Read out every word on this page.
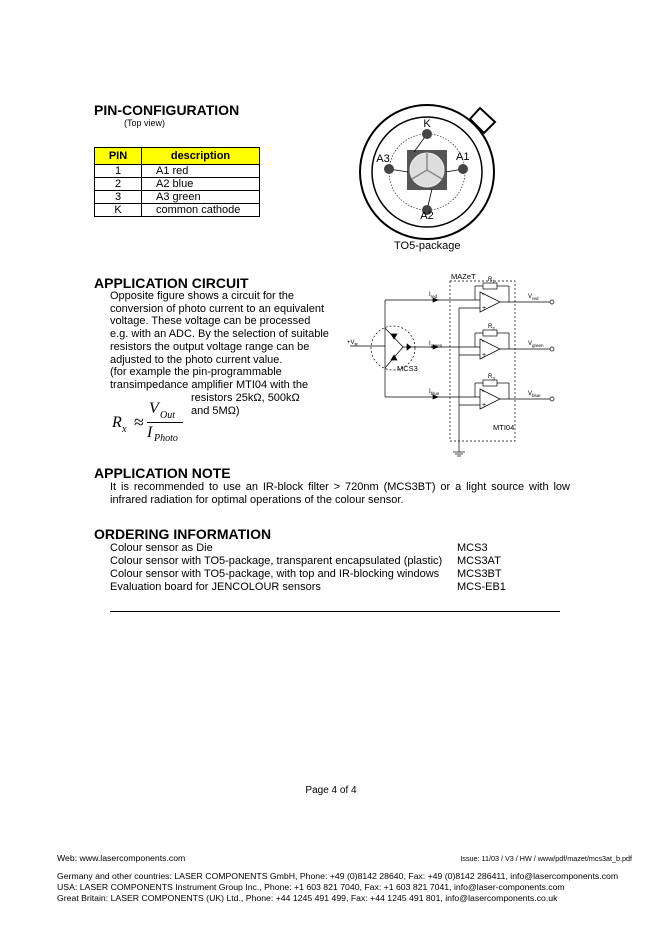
PIN-CONFIGURATION
(Top view)
PIN	description
1	A1 red
2	A2 blue
3	A3 green
K	common cathode
K
A1
A2
A3
TO5-package
APPLICATION CIRCUIT
Opposite figure shows a circuit for the
conversion of photo current to an equivalent
voltage. These voltage can be processed
e.g. with an ADC. By the selection of suitable
resistors the output voltage range can be
adjusted to the photo current value.
(for example the pin-programmable
transimpedance amplifier MTI04 with the
resistors 25kΩ, 500kΩ
and 5MΩ)
R x ≈
V Out
I Photo
-
+
-
+
-
+
MAZeT
$+V_R$
MCS3
MTI04
$I_{red}$
$I_{green}$
$I_{blue}$
$R_1$
$R_2$
$R_3$
$V_{red}$
$V_{green}$
$V_{blue}$
APPLICATION NOTE
It is recommended to use an IR-block filter > 720nm (MCS3BT) or a light source with low
infrared radiation for optimal operations of the colour sensor.
ORDERING INFORMATION
Colour sensor as Die	MCS3
Colour sensor with TO5-package, transparent encapsulated (plastic) MCS3AT
Colour sensor with TO5-package, with top and IR-blocking windows MCS3BT
Evaluation board for JENCOLOUR sensors	MCS-EB1
Page 4 of 4
Web: www.lasercomponents.com	Issue: 11/03 / V3 / HW / www/pdf/mazet/mcs3at_b.pdf
Germany and other countries: LASER COMPONENTS GmbH, Phone: +49 (0)8142 28640, Fax: +49 (0)8142 286411, info@lasercomponents.com
USA: LASER COMPONENTS Instrument Group Inc., Phone: +1 603 821 7040, Fax: +1 603 821 7041, info@laser-components.com
Great Britain: LASER COMPONENTS (UK) Ltd., Phone: +44 1245 491 499, Fax: +44 1245 491 801, info@lasercomponents.co.uk
